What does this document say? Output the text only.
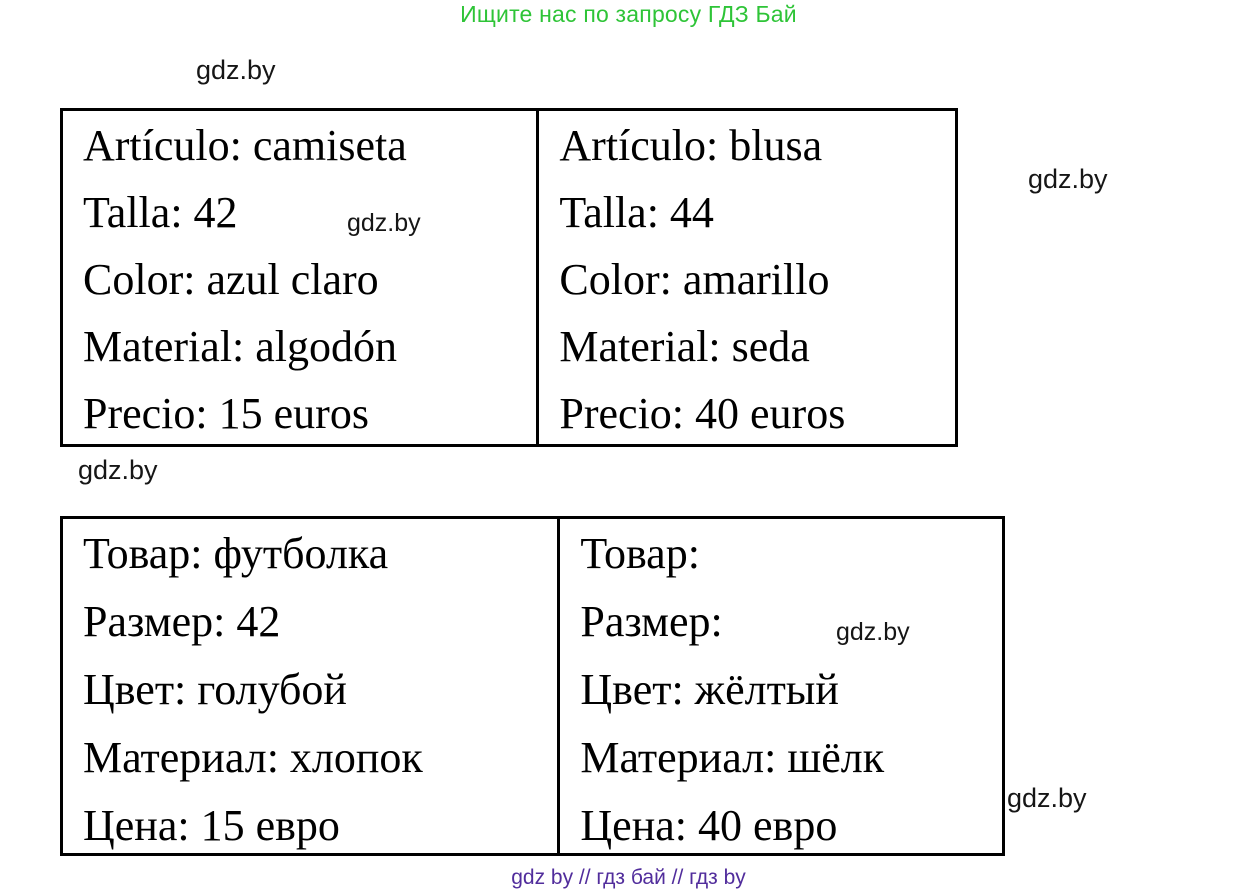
Ищите нас по запросу ГДЗ Бай
gdz.by
gdz.by
gdz.by
gdz.by
Artículo: camiseta
Talla: 42
Color: azul claro
Material: algodón
Precio: 15 euros
Artículo: blusa
Talla: 44
Color: amarillo
Material: seda
Precio: 40 euros
gdz.by
Товар: футболка
Размер: 42
Цвет: голубой
Материал: хлопок
Цена: 15 евро
Товар:
Размер:
Цвет: жёлтый
Материал: шёлк
Цена: 40 евро
gdz.by
gdz by // гдз бай // гдз by
